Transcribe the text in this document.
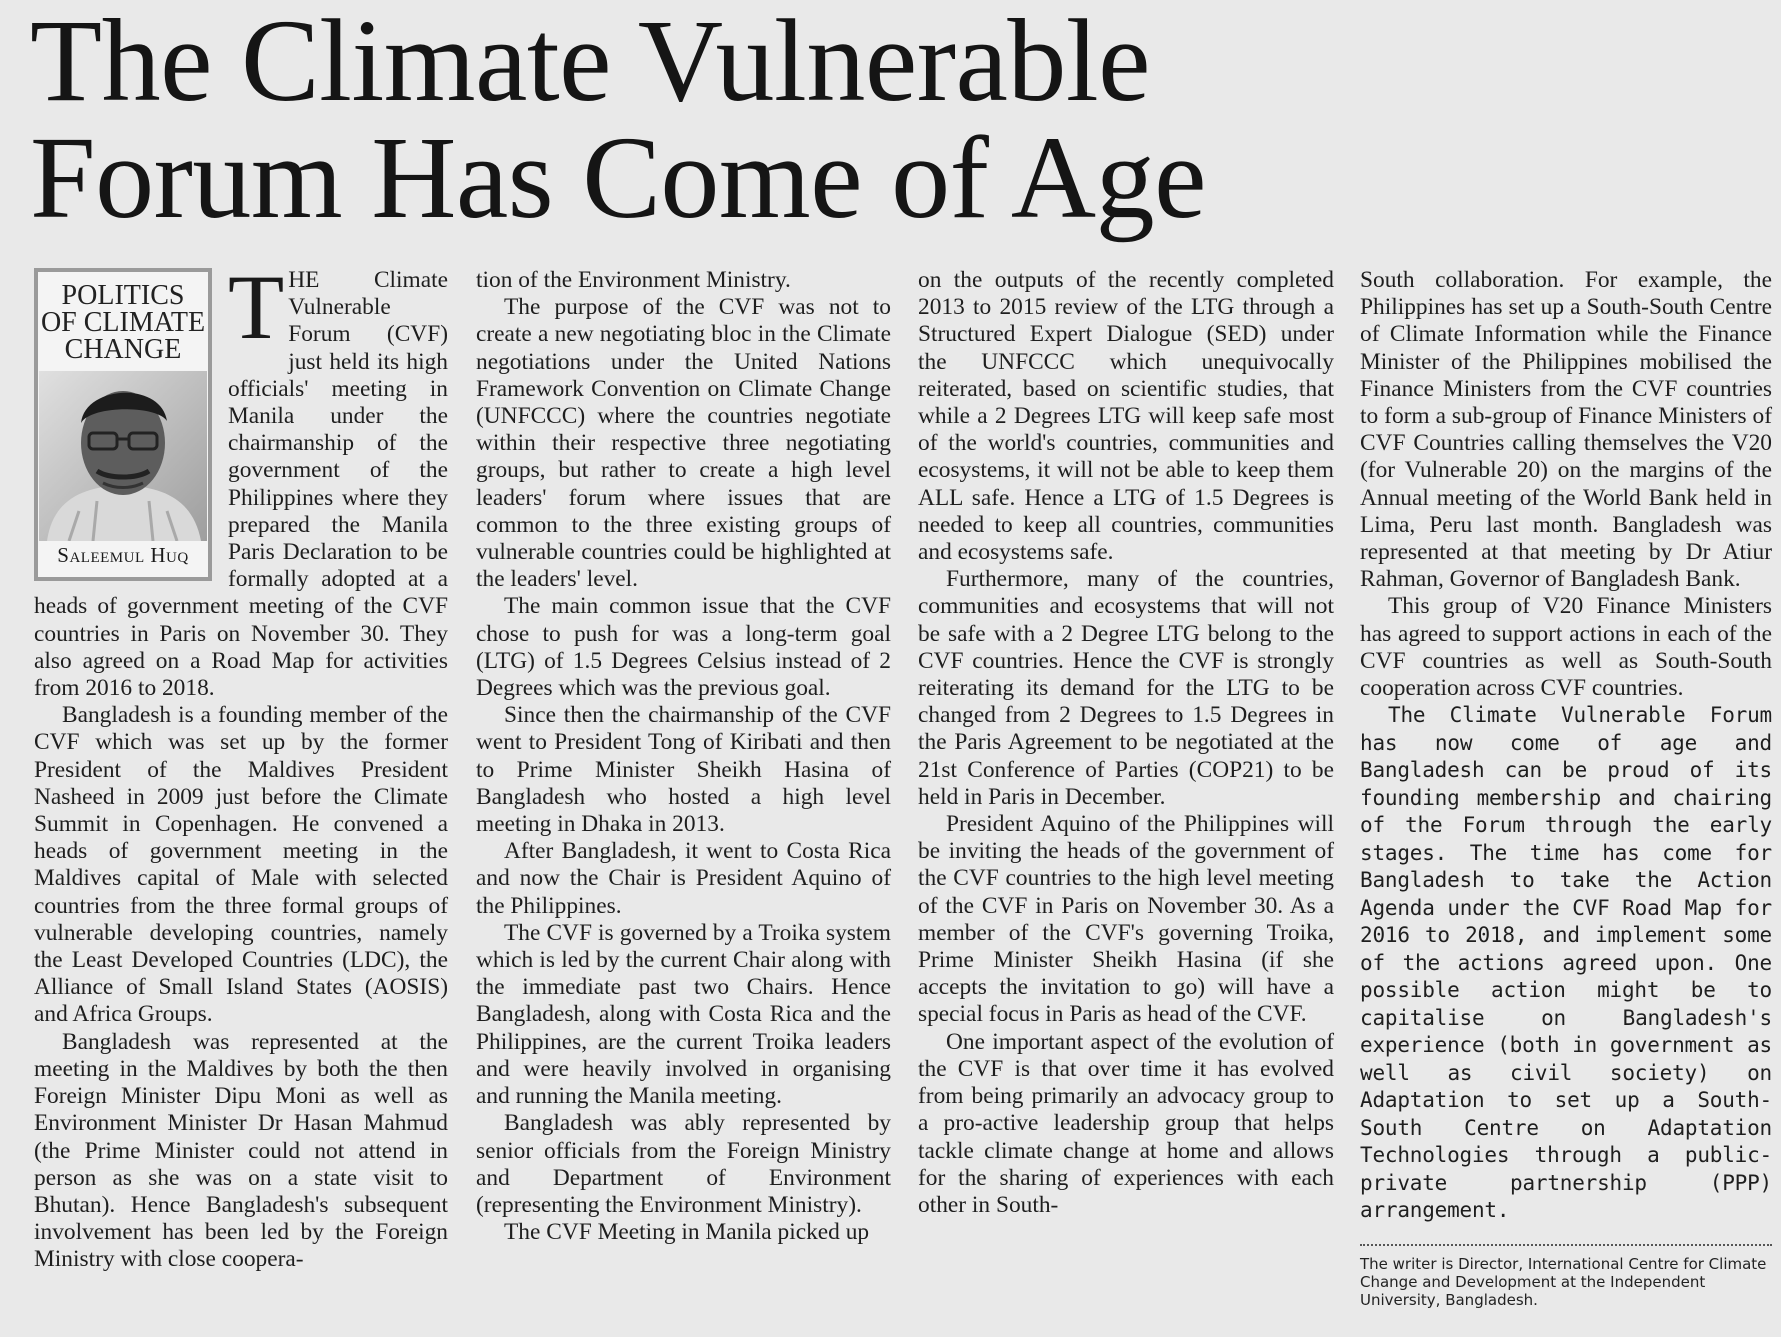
The Climate Vulnerable
Forum Has Come of Age
POLITICS
OF CLIMATE
CHANGE
Saleemul Huq

THE Climate Vulnerable Forum (CVF) just held its high officials' meeting in Manila under the chairmanship of the government of the Philippines where they prepared the Manila Paris Declaration to be formally adopted at a heads of government meeting of the CVF countries in Paris on November 30. They also agreed on a Road Map for activities from 2016 to 2018.

Bangladesh is a founding member of the CVF which was set up by the former President of the Maldives President Nasheed in 2009 just before the Climate Summit in Copenhagen. He convened a heads of government meeting in the Maldives capital of Male with selected countries from the three formal groups of vulnerable developing countries, namely the Least Developed Countries (LDC), the Alliance of Small Island States (AOSIS) and Africa Groups.

Bangladesh was represented at the meeting in the Maldives by both the then Foreign Minister Dipu Moni as well as Environment Minister Dr Hasan Mahmud (the Prime Minister could not attend in person as she was on a state visit to Bhutan). Hence Bangladesh's subsequent involvement has been led by the Foreign Ministry with close coopera-

tion of the Environment Ministry.

The purpose of the CVF was not to create a new negotiating bloc in the Climate negotiations under the United Nations Framework Convention on Climate Change (UNFCCC) where the countries negotiate within their respective three negotiating groups, but rather to create a high level leaders' forum where issues that are common to the three existing groups of vulnerable countries could be highlighted at the leaders' level.

The main common issue that the CVF chose to push for was a long-term goal (LTG) of 1.5 Degrees Celsius instead of 2 Degrees which was the previous goal.

Since then the chairmanship of the CVF went to President Tong of Kiribati and then to Prime Minister Sheikh Hasina of Bangladesh who hosted a high level meeting in Dhaka in 2013.

After Bangladesh, it went to Costa Rica and now the Chair is President Aquino of the Philippines.

The CVF is governed by a Troika system which is led by the current Chair along with the immediate past two Chairs. Hence Bangladesh, along with Costa Rica and the Philippines, are the current Troika leaders and were heavily involved in organising and running the Manila meeting.

Bangladesh was ably represented by senior officials from the Foreign Ministry and Department of Environment (representing the Environment Ministry).

The CVF Meeting in Manila picked up

on the outputs of the recently completed 2013 to 2015 review of the LTG through a Structured Expert Dialogue (SED) under the UNFCCC which unequivocally reiterated, based on scientific studies, that while a 2 Degrees LTG will keep safe most of the world's countries, communities and ecosystems, it will not be able to keep them ALL safe. Hence a LTG of 1.5 Degrees is needed to keep all countries, communities and ecosystems safe.

Furthermore, many of the countries, communities and ecosystems that will not be safe with a 2 Degree LTG belong to the CVF countries. Hence the CVF is strongly reiterating its demand for the LTG to be changed from 2 Degrees to 1.5 Degrees in the Paris Agreement to be negotiated at the 21st Conference of Parties (COP21) to be held in Paris in December.

President Aquino of the Philippines will be inviting the heads of the government of the CVF countries to the high level meeting of the CVF in Paris on November 30. As a member of the CVF's governing Troika, Prime Minister Sheikh Hasina (if she accepts the invitation to go) will have a special focus in Paris as head of the CVF.

One important aspect of the evolution of the CVF is that over time it has evolved from being primarily an advocacy group to a pro-active leadership group that helps tackle climate change at home and allows for the sharing of experiences with each other in South-

South collaboration. For example, the Philippines has set up a South-South Centre of Climate Information while the Finance Minister of the Philippines mobilised the Finance Ministers from the CVF countries to form a sub-group of Finance Ministers of CVF Countries calling themselves the V20 (for Vulnerable 20) on the margins of the Annual meeting of the World Bank held in Lima, Peru last month. Bangladesh was represented at that meeting by Dr Atiur Rahman, Governor of Bangladesh Bank.

This group of V20 Finance Ministers has agreed to support actions in each of the CVF countries as well as South-South cooperation across CVF countries.

The Climate Vulnerable Forum has now come of age and Bangladesh can be proud of its founding membership and chairing of the Forum through the early stages. The time has come for Bangladesh to take the Action Agenda under the CVF Road Map for 2016 to 2018, and implement some of the actions agreed upon. One possible action might be to capitalise on Bangladesh's experience (both in government as well as civil society) on Adaptation to set up a South-South Centre on Adaptation Technologies through a public-private partnership (PPP) arrangement.

The writer is Director, International Centre for Climate Change and Development at the Independent University, Bangladesh.
